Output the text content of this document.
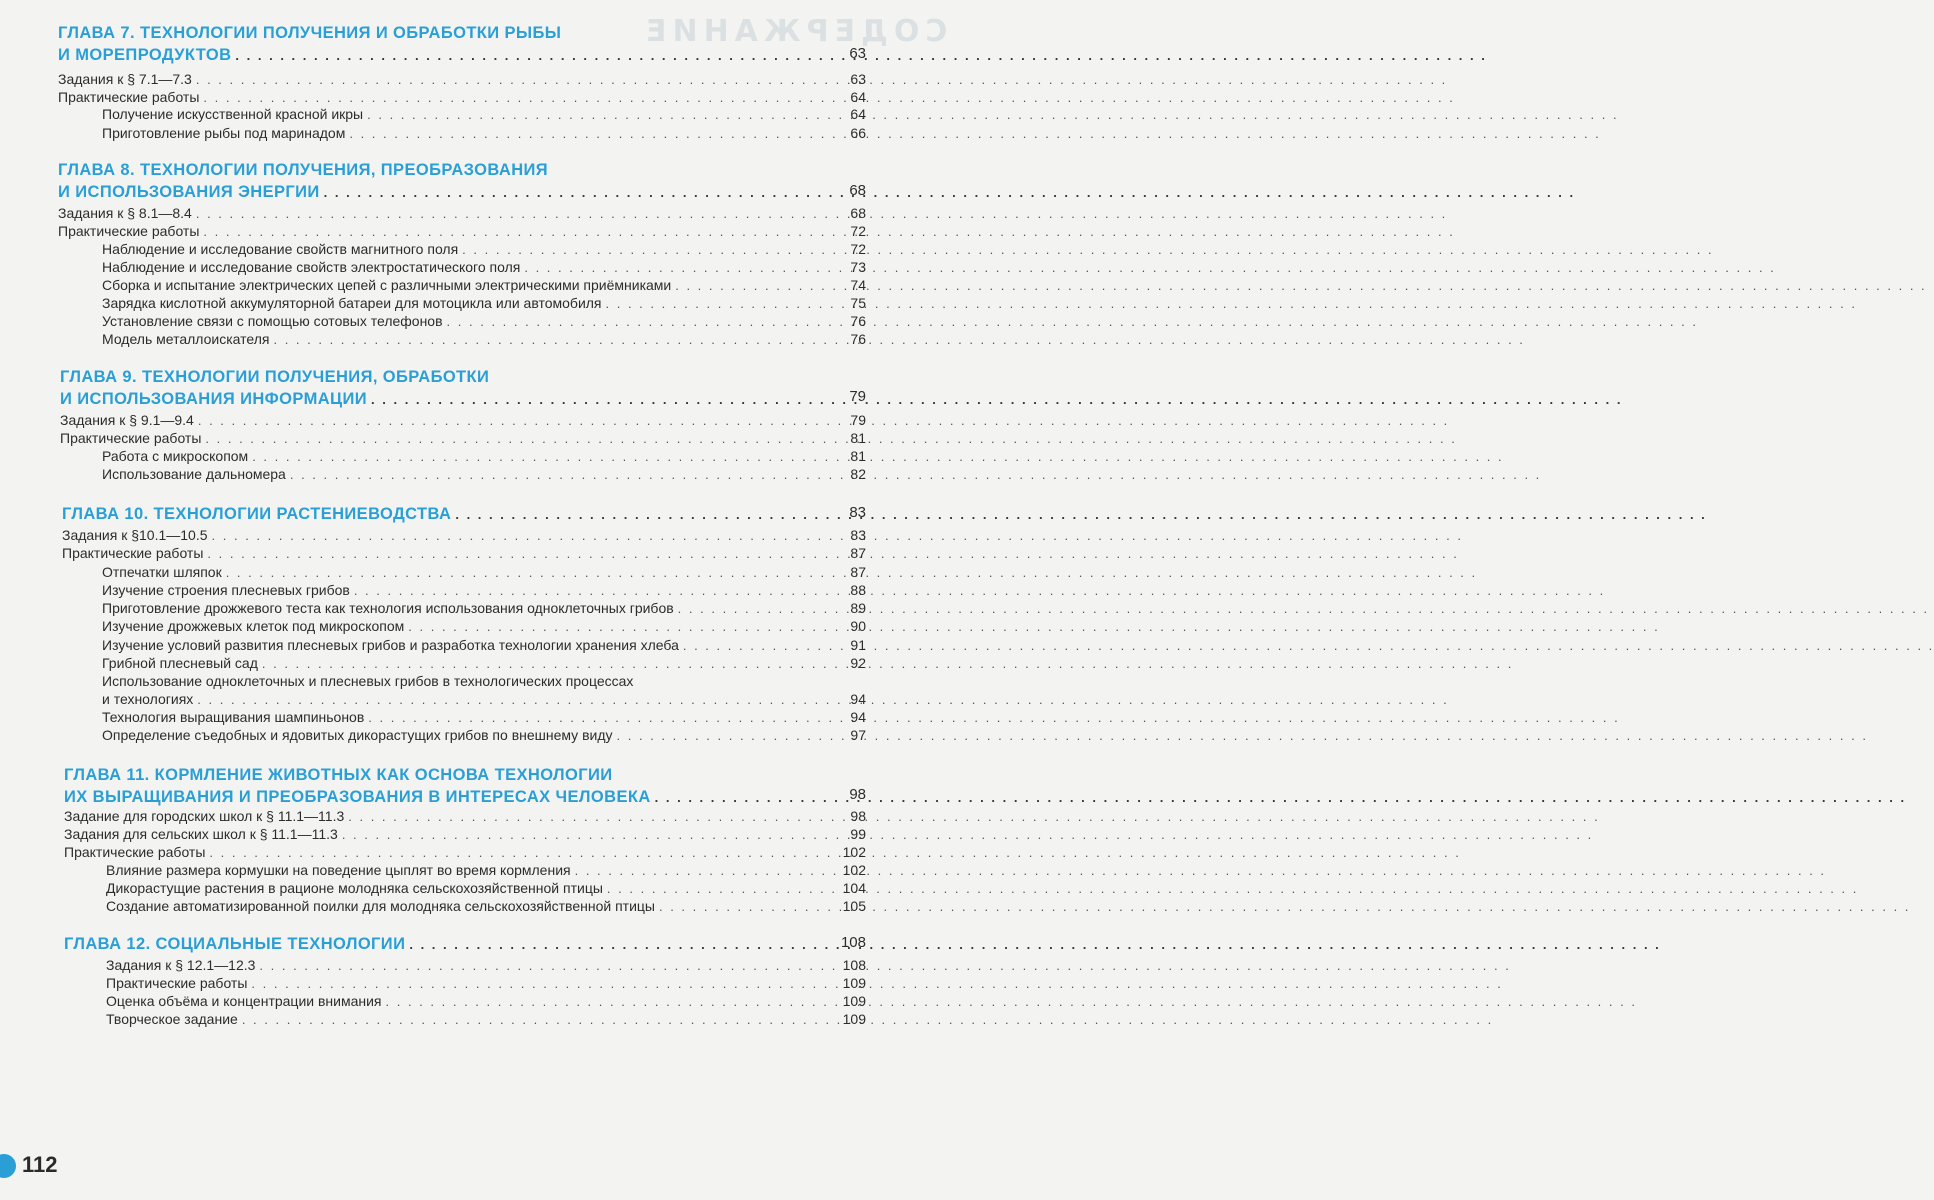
СОДЕРЖАНИЕ
ГЛАВА 7. ТЕХНОЛОГИИ ПОЛУЧЕНИЯ И ОБРАБОТКИ РЫБЫ
И МОРЕПРОДУКТОВ . . .	63
Задания к § 7.1—7.3 . . .	63
Практические работы . . .	64
Получение искусственной красной икры . . .	64
Приготовление рыбы под маринадом . . .	66
ГЛАВА 8. ТЕХНОЛОГИИ ПОЛУЧЕНИЯ, ПРЕОБРАЗОВАНИЯ
И ИСПОЛЬЗОВАНИЯ ЭНЕРГИИ . . .	68
Задания к § 8.1—8.4 . . .	68
Практические работы . . .	72
Наблюдение и исследование свойств магнитного поля . . .	72
Наблюдение и исследование свойств электростатического поля . . .	73
Сборка и испытание электрических цепей с различными электрическими приёмниками . . .	74
Зарядка кислотной аккумуляторной батареи для мотоцикла или автомобиля . . .	75
Установление связи с помощью сотовых телефонов . . .	76
Модель металлоискателя . . .	76
ГЛАВА 9. ТЕХНОЛОГИИ ПОЛУЧЕНИЯ, ОБРАБОТКИ
И ИСПОЛЬЗОВАНИЯ ИНФОРМАЦИИ . . .	79
Задания к § 9.1—9.4 . . .	79
Практические работы . . .	81
Работа с микроскопом . . .	81
Использование дальномера . . .	82
ГЛАВА 10. ТЕХНОЛОГИИ РАСТЕНИЕВОДСТВА . . .	83
Задания к §10.1—10.5 . . .	83
Практические работы . . .	87
Отпечатки шляпок . . .	87
Изучение строения плесневых грибов . . .	88
Приготовление дрожжевого теста как технология использования одноклеточных грибов . . .	89
Изучение дрожжевых клеток под микроскопом . . .	90
Изучение условий развития плесневых грибов и разработка технологии хранения хлеба . . .	91
Грибной плесневый сад . . .	92
Использование одноклеточных и плесневых грибов в технологических процессах
и технологиях . . .	94
Технология выращивания шампиньонов . . .	94
Определение съедобных и ядовитых дикорастущих грибов по внешнему виду . . .	97
ГЛАВА 11. КОРМЛЕНИЕ ЖИВОТНЫХ КАК ОСНОВА ТЕХНОЛОГИИ
ИХ ВЫРАЩИВАНИЯ И ПРЕОБРАЗОВАНИЯ В ИНТЕРЕСАХ ЧЕЛОВЕКА . . .	98
Задание для городских школ к § 11.1—11.3 . . .	98
Задания для сельских школ к § 11.1—11.3 . . .	99
Практические работы . . .	102
Влияние размера кормушки на поведение цыплят во время кормления . . .	102
Дикорастущие растения в рационе молодняка сельскохозяйственной птицы . . .	104
Создание автоматизированной поилки для молодняка сельскохозяйственной птицы . . .	105
ГЛАВА 12. СОЦИАЛЬНЫЕ ТЕХНОЛОГИИ . . .	108
Задания к § 12.1—12.3 . . .	108
Практические работы . . .	109
Оценка объёма и концентрации внимания . . .	109
Творческое задание . . .	109
112
